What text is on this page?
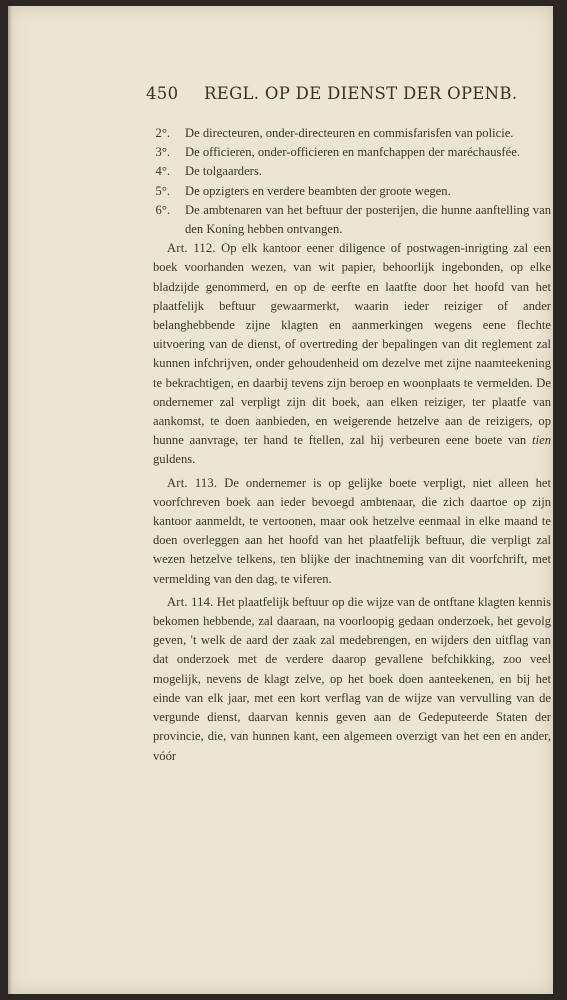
450 REGL. OP DE DIENST DER OPENB.
2°.	De directeuren, onder-directeuren en commisfarisfen van policie.
3°.	De officieren, onder-officieren en manfchappen der maréchausfée.
4°.	De tolgaarders.
5°.	De opzigters en verdere beambten der groote wegen.
6°.	De ambtenaren van het beftuur der posterijen, die hunne aanftelling van den Koning hebben ontvangen.

Art. 112. Op elk kantoor eener diligence of postwagen-inrigting zal een boek voorhanden wezen, van wit papier, behoorlijk ingebonden, op elke bladzijde genommerd, en op de eerfte en laatfte door het hoofd van het plaatfelijk beftuur gewaarmerkt, waarin ieder reiziger of ander belanghebbende zijne klagten en aanmerkingen wegens eene flechte uitvoering van de dienst, of overtreding der bepalingen van dit reglement zal kunnen infchrijven, onder gehoudenheid om dezelve met zijne naamteekening te bekrachtigen, en daarbij tevens zijn beroep en woonplaats te vermelden. De ondernemer zal verpligt zijn dit boek, aan elken reiziger, ter plaatfe van aankomst, te doen aanbieden, en weigerende hetzelve aan de reizigers, op hunne aanvrage, ter hand te ftellen, zal hij verbeuren eene boete van tien guldens.

Art. 113. De ondernemer is op gelijke boete verpligt, niet alleen het voorfchreven boek aan ieder bevoegd ambtenaar, die zich daartoe op zijn kantoor aanmeldt, te vertoonen, maar ook hetzelve eenmaal in elke maand te doen overleggen aan het hoofd van het plaatfelijk beftuur, die verpligt zal wezen hetzelve telkens, ten blijke der inachtneming van dit voorfchrift, met vermelding van den dag, te viferen.

Art. 114. Het plaatfelijk beftuur op die wijze van de ontftane klagten kennis bekomen hebbende, zal daaraan, na voorloopig gedaan onderzoek, het gevolg geven, 't welk de aard der zaak zal medebrengen, en wijders den uitflag van dat onderzoek met de verdere daarop gevallene befchikking, zoo veel mogelijk, nevens de klagt zelve, op het boek doen aanteekenen, en bij het einde van elk jaar, met een kort verflag van de wijze van vervulling van de vergunde dienst, daarvan kennis geven aan de Gedeputeerde Staten der provincie, die, van hunnen kant, een algemeen overzigt van het een en ander, vóór
